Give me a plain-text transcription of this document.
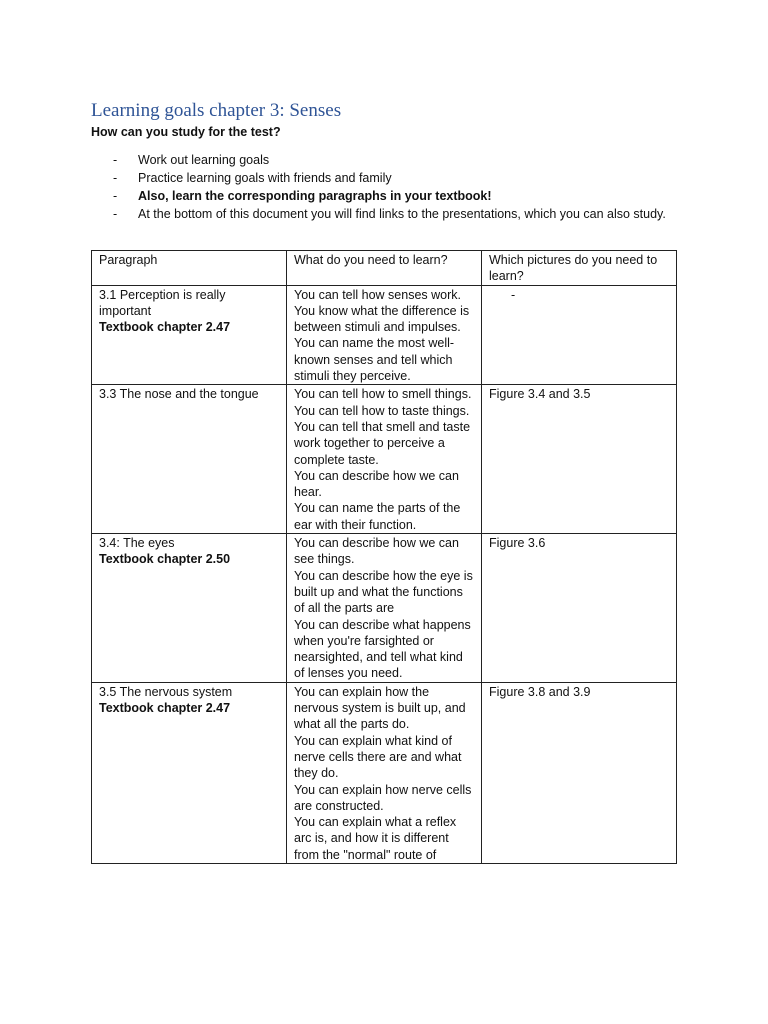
Learning goals chapter 3: Senses

How can you study for the test?

- Work out learning goals
- Practice learning goals with friends and family
- Also, learn the corresponding paragraphs in your textbook!
- At the bottom of this document you will find links to the presentations, which you can also study.
Paragraph	What do you need to learn?	Which pictures do you need to learn?

3.1 Perception is really important
Textbook chapter 2.47	You can tell how senses work.
You know what the difference is between stimuli and impulses.
You can name the most well-known senses and tell which stimuli they perceive.	-

3.3 The nose and the tongue	You can tell how to smell things.
You can tell how to taste things.
You can tell that smell and taste work together to perceive a complete taste.
You can describe how we can hear.
You can name the parts of the ear with their function.	Figure 3.4 and 3.5

3.4: The eyes
Textbook chapter 2.50	You can describe how we can see things.
You can describe how the eye is built up and what the functions of all the parts are
You can describe what happens when you're farsighted or nearsighted, and tell what kind of lenses you need.	Figure 3.6

3.5 The nervous system
Textbook chapter 2.47	You can explain how the nervous system is built up, and what all the parts do.
You can explain what kind of nerve cells there are and what they do.
You can explain how nerve cells are constructed.
You can explain what a reflex arc is, and how it is different from the "normal" route of	Figure 3.8 and 3.9
